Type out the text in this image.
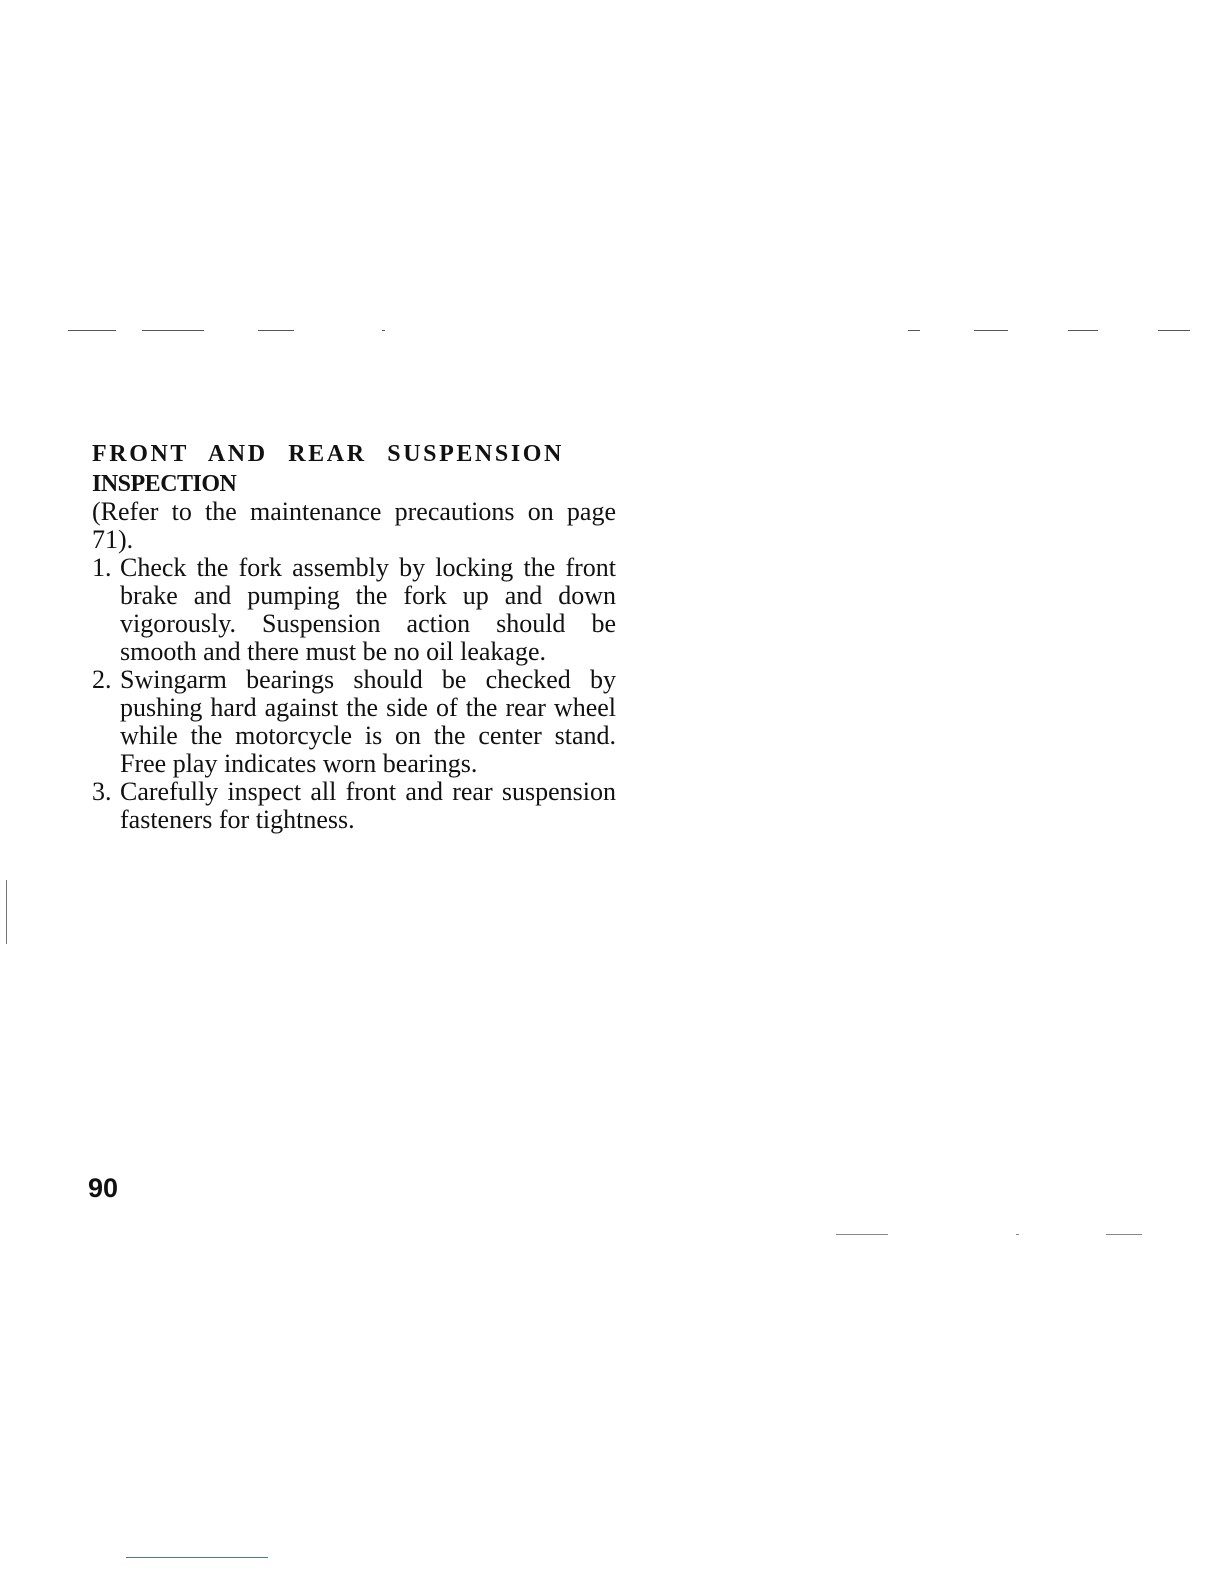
FRONT AND REAR SUSPENSION
INSPECTION

(Refer to the maintenance precautions on page 71).

1. Check the fork assembly by locking the front brake and pumping the fork up and down vigorously. Suspension action should be smooth and there must be no oil leakage.
2. Swingarm bearings should be checked by pushing hard against the side of the rear wheel while the motorcycle is on the center stand. Free play indicates worn bearings.
3. Carefully inspect all front and rear suspension fasteners for tightness.
90
